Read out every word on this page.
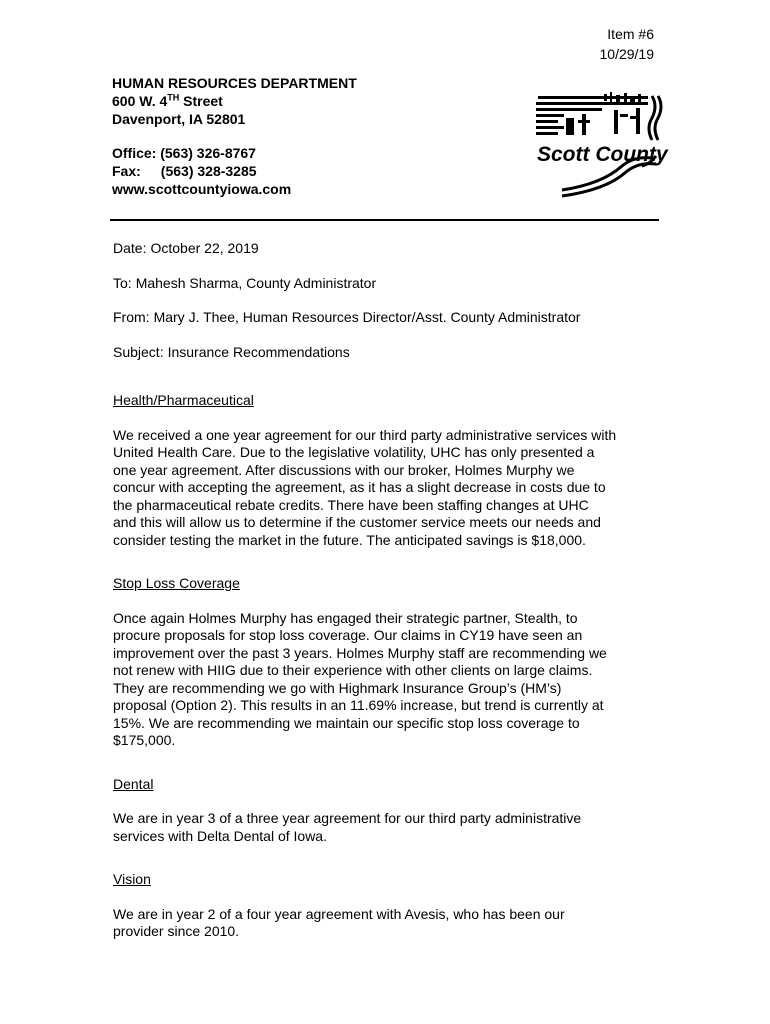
Item #6
10/29/19
HUMAN RESOURCES DEPARTMENT
600 W. 4TH Street
Davenport, IA 52801
Office: (563) 326-8767
Fax: (563) 328-3285
www.scottcountyiowa.com
Scott County
Date: October 22, 2019
To: Mahesh Sharma, County Administrator
From: Mary J. Thee, Human Resources Director/Asst. County Administrator
Subject: Insurance Recommendations
Health/Pharmaceutical
We received a one year agreement for our third party administrative services with
United Health Care. Due to the legislative volatility, UHC has only presented a
one year agreement. After discussions with our broker, Holmes Murphy we
concur with accepting the agreement, as it has a slight decrease in costs due to
the pharmaceutical rebate credits. There have been staffing changes at UHC
and this will allow us to determine if the customer service meets our needs and
consider testing the market in the future. The anticipated savings is $18,000.
Stop Loss Coverage
Once again Holmes Murphy has engaged their strategic partner, Stealth, to
procure proposals for stop loss coverage. Our claims in CY19 have seen an
improvement over the past 3 years. Holmes Murphy staff are recommending we
not renew with HIIG due to their experience with other clients on large claims.
They are recommending we go with Highmark Insurance Group’s (HM’s)
proposal (Option 2). This results in an 11.69% increase, but trend is currently at
15%. We are recommending we maintain our specific stop loss coverage to
$175,000.
Dental
We are in year 3 of a three year agreement for our third party administrative
services with Delta Dental of Iowa.
Vision
We are in year 2 of a four year agreement with Avesis, who has been our
provider since 2010.
